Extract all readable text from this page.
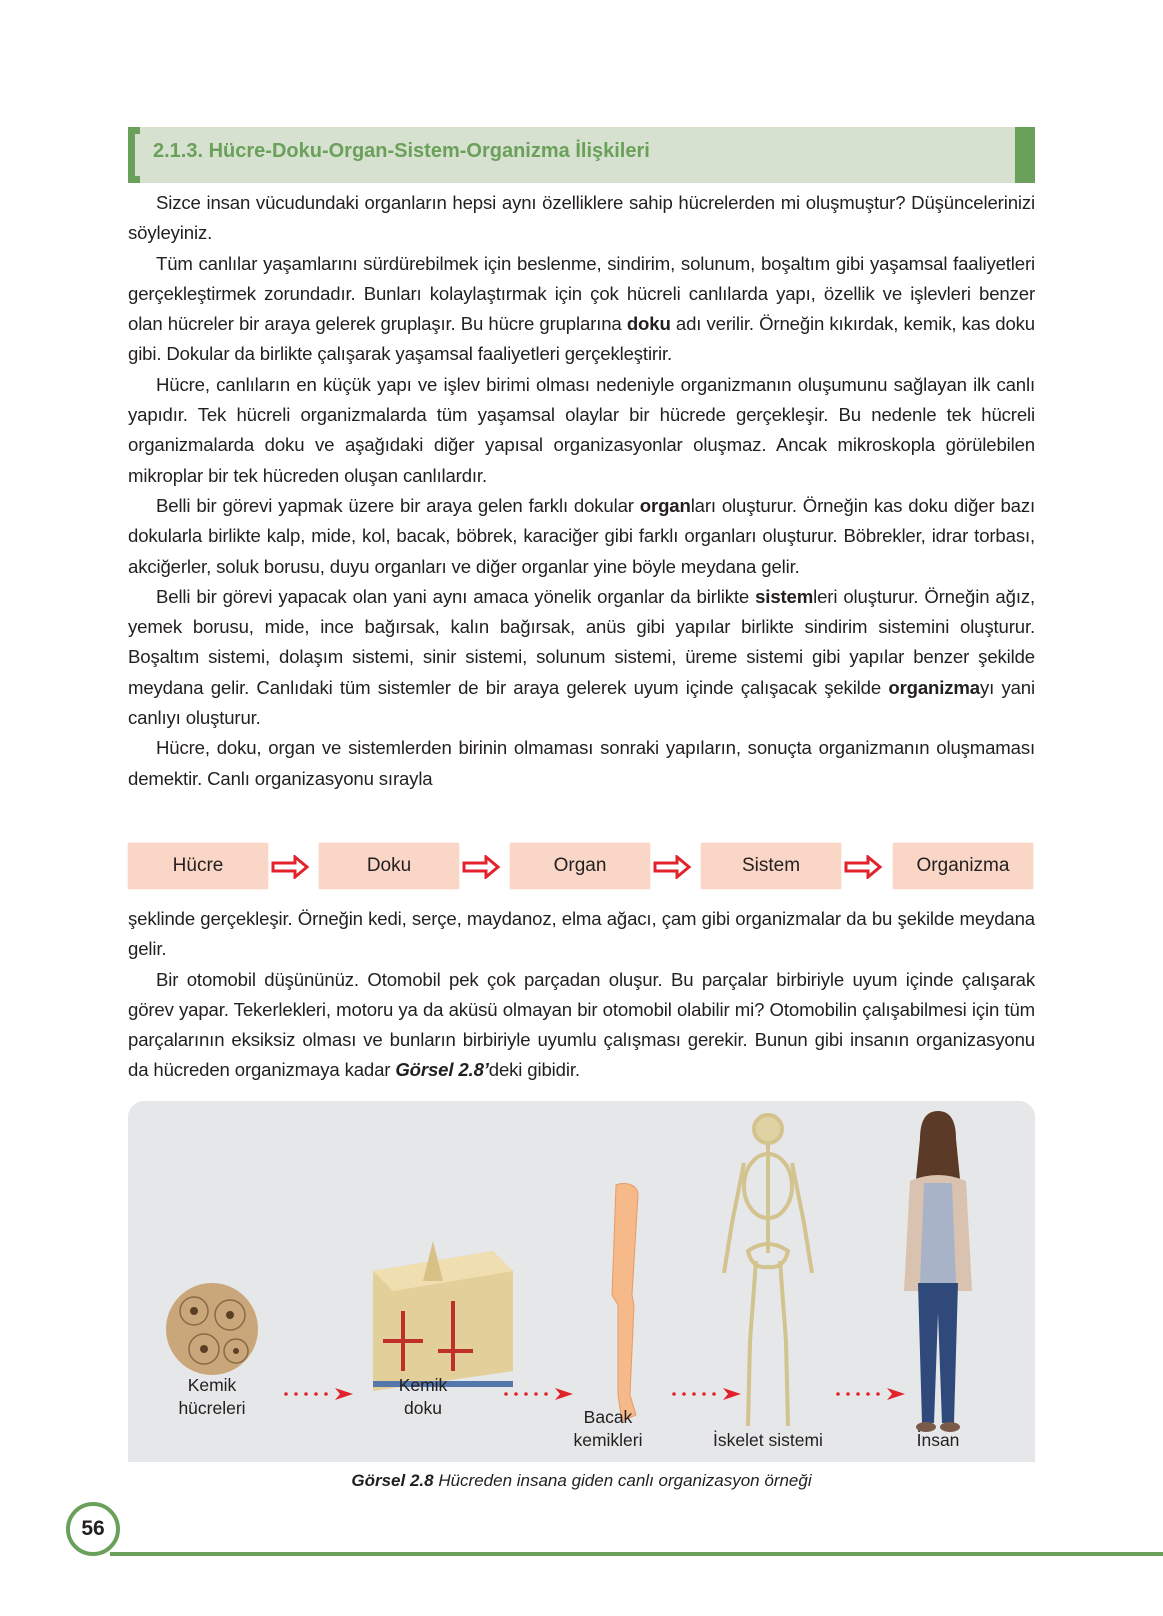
2.1.3. Hücre-Doku-Organ-Sistem-Organizma İlişkileri

Sizce insan vücudundaki organların hepsi aynı özelliklere sahip hücrelerden mi oluşmuştur? Düşüncelerinizi söyleyiniz.

Tüm canlılar yaşamlarını sürdürebilmek için beslenme, sindirim, solunum, boşaltım gibi yaşamsal faaliyetleri gerçekleştirmek zorundadır. Bunları kolaylaştırmak için çok hücreli canlılarda yapı, özellik ve işlevleri benzer olan hücreler bir araya gelerek gruplaşır. Bu hücre gruplarına doku adı verilir. Örneğin kıkırdak, kemik, kas doku gibi. Dokular da birlikte çalışarak yaşamsal faaliyetleri gerçekleştirir.

Hücre, canlıların en küçük yapı ve işlev birimi olması nedeniyle organizmanın oluşumunu sağlayan ilk canlı yapıdır. Tek hücreli organizmalarda tüm yaşamsal olaylar bir hücrede gerçekleşir. Bu nedenle tek hücreli organizmalarda doku ve aşağıdaki diğer yapısal organizasyonlar oluşmaz. Ancak mikroskopla görülebilen mikroplar bir tek hücreden oluşan canlılardır.

Belli bir görevi yapmak üzere bir araya gelen farklı dokular organları oluşturur. Örneğin kas doku diğer bazı dokularla birlikte kalp, mide, kol, bacak, böbrek, karaciğer gibi farklı organları oluşturur. Böbrekler, idrar torbası, akciğerler, soluk borusu, duyu organları ve diğer organlar yine böyle meydana gelir.

Belli bir görevi yapacak olan yani aynı amaca yönelik organlar da birlikte sistemleri oluşturur. Örneğin ağız, yemek borusu, mide, ince bağırsak, kalın bağırsak, anüs gibi yapılar birlikte sindirim sistemini oluşturur. Boşaltım sistemi, dolaşım sistemi, sinir sistemi, solunum sistemi, üreme sistemi gibi yapılar benzer şekilde meydana gelir. Canlıdaki tüm sistemler de bir araya gelerek uyum içinde çalışacak şekilde organizmayı yani canlıyı oluşturur.

Hücre, doku, organ ve sistemlerden birinin olmaması sonraki yapıların, sonuçta organizmanın oluşmaması demektir. Canlı organizasyonu sırayla

Hücre	Doku	Organ	Sistem	Organizma

şeklinde gerçekleşir. Örneğin kedi, serçe, maydanoz, elma ağacı, çam gibi organizmalar da bu şekilde meydana gelir.

Bir otomobil düşününüz. Otomobil pek çok parçadan oluşur. Bu parçalar birbiriyle uyum içinde çalışarak görev yapar. Tekerlekleri, motoru ya da aküsü olmayan bir otomobil olabilir mi? Otomobilin çalışabilmesi için tüm parçalarının eksiksiz olması ve bunların birbiriyle uyumlu çalışması gerekir. Bunun gibi insanın organizasyonu da hücreden organizmaya kadar Görsel 2.8’deki gibidir.

Kemik hücreleri
Kemik doku	Bacak kemikleri	İskelet sistemi	İnsan
Görsel 2.8 Hücreden insana giden canlı organizasyon örneği
56
